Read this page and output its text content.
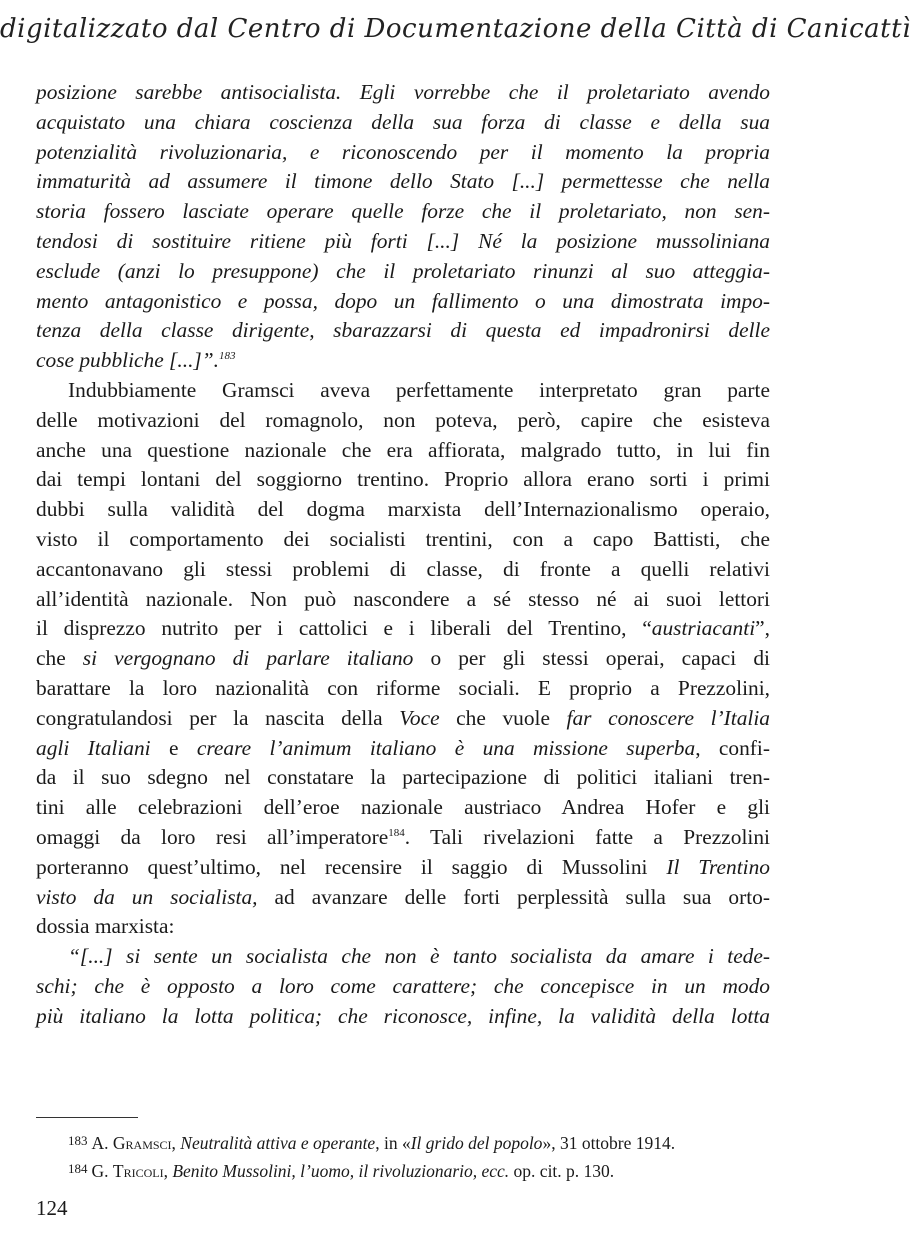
digitalizzato dal Centro di Documentazione della Città di Canicattì
posizione sarebbe antisocialista. Egli vorrebbe che il proletariato avendo
acquistato una chiara coscienza della sua forza di classe e della sua
potenzialità rivoluzionaria, e riconoscendo per il momento la propria
immaturità ad assumere il timone dello Stato [...] permettesse che nella
storia fossero lasciate operare quelle forze che il proletariato, non sen-
tendosi di sostituire ritiene più forti [...] Né la posizione mussoliniana
esclude (anzi lo presuppone) che il proletariato rinunzi al suo atteggia-
mento antagonistico e possa, dopo un fallimento o una dimostrata impo-
tenza della classe dirigente, sbarazzarsi di questa ed impadronirsi delle
cose pubbliche [...]”.$^{183}$
Indubbiamente Gramsci aveva perfettamente interpretato gran parte
delle motivazioni del romagnolo, non poteva, però, capire che esisteva
anche una questione nazionale che era affiorata, malgrado tutto, in lui fin
dai tempi lontani del soggiorno trentino. Proprio allora erano sorti i primi
dubbi sulla validità del dogma marxista dell’Internazionalismo operaio,
visto il comportamento dei socialisti trentini, con a capo Battisti, che
accantonavano gli stessi problemi di classe, di fronte a quelli relativi
all’identità nazionale. Non può nascondere a sé stesso né ai suoi lettori
il disprezzo nutrito per i cattolici e i liberali del Trentino, “austriacanti”,
che si vergognano di parlare italiano o per gli stessi operai, capaci di
barattare la loro nazionalità con riforme sociali. E proprio a Prezzolini,
congratulandosi per la nascita della Voce che vuole far conoscere l’Italia
agli Italiani e creare l’animum italiano è una missione superba, confi-
da il suo sdegno nel constatare la partecipazione di politici italiani tren-
tini alle celebrazioni dell’eroe nazionale austriaco Andrea Hofer e gli
omaggi da loro resi all’imperatore$^{184}$. Tali rivelazioni fatte a Prezzolini
porteranno quest’ultimo, nel recensire il saggio di Mussolini Il Trentino
visto da un socialista, ad avanzare delle forti perplessità sulla sua orto-
dossia marxista:
“[...] si sente un socialista che non è tanto socialista da amare i tede-
schi; che è opposto a loro come carattere; che concepisce in un modo
più italiano la lotta politica; che riconosce, infine, la validità della lotta
$^{183}$ A. Gramsci, Neutralità attiva e operante, in «Il grido del popolo», 31 ottobre 1914.
$^{184}$ G. Tricoli, Benito Mussolini, l’uomo, il rivoluzionario, ecc. op. cit. p. 130.
124
